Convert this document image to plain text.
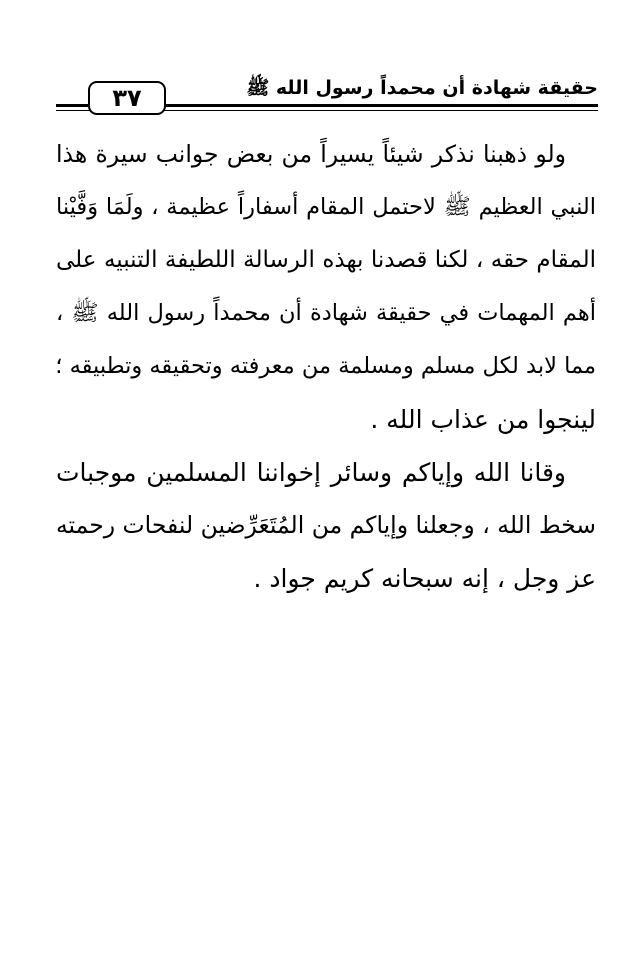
حقيقة شهادة أن محمداً رسول الله ﷺ
٣٧
ولو ذهبنا نذكر شيئاً يسيراً من بعض جوانب سيرة هذا
النبي العظيم ﷺ لاحتمل المقام أسفاراً عظيمة ، ولَمَا وَفَّيْنا
المقام حقه ، لكنا قصدنا بهذه الرسالة اللطيفة التنبيه على
أهم المهمات في حقيقة شهادة أن محمداً رسول الله ﷺ ،
مما لابد لكل مسلم ومسلمة من معرفته وتحقيقه وتطبيقه ؛
لينجوا من عذاب الله .
وقانا الله وإياكم وسائر إخواننا المسلمين موجبات
سخط الله ، وجعلنا وإياكم من المُتَعَرِّضين لنفحات رحمته
عز وجل ، إنه سبحانه كريم جواد .
